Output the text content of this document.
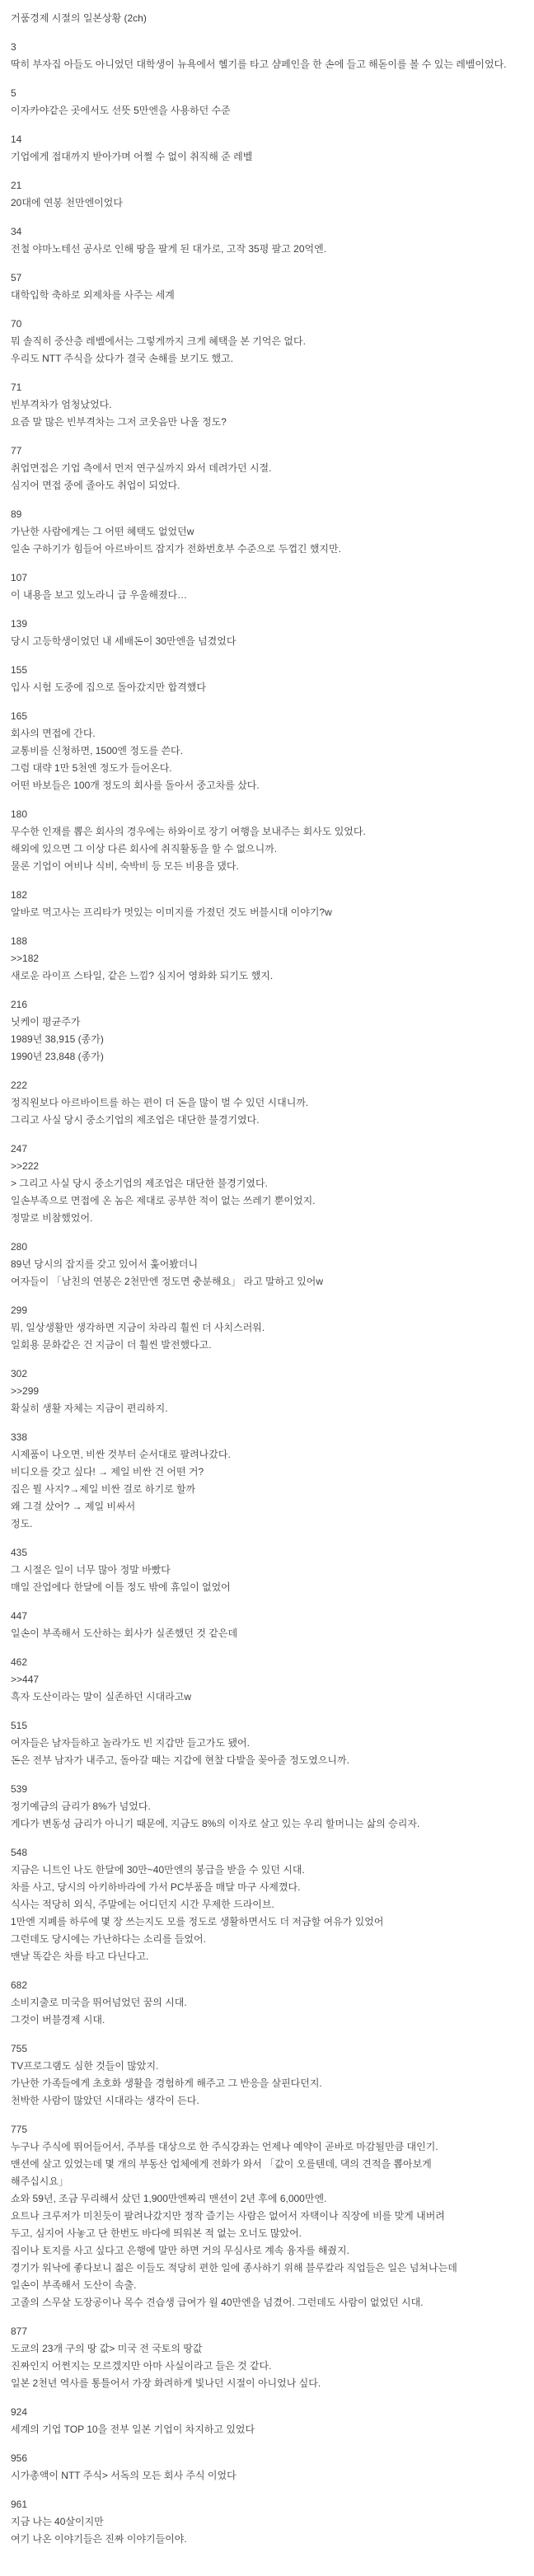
거품경제 시절의 일본상황 (2ch)
3
딱히 부자집 아들도 아니었던 대학생이 뉴욕에서 헬기를 타고 샴페인을 한 손에 들고 해돋이를 볼 수 있는 레벨이었다.
5
이자카야같은 곳에서도 선뜻 5만엔을 사용하던 수준
14
기업에게 접대까지 받아가며 어쩔 수 없이 취직해 준 레벨
21
20대에 연봉 천만엔이었다
34
전철 야마노테선 공사로 인해 땅을 팔게 된 대가로, 고작 35평 팔고 20억엔.
57
대학입학 축하로 외제차를 사주는 세계
70
뭐 솔직히 중산층 레벨에서는 그렇게까지 크게 혜택을 본 기억은 없다.
우리도 NTT 주식을 샀다가 결국 손해를 보기도 했고.
71
빈부격차가 엄청났었다.
요즘 말 많은 빈부격차는 그저 코웃음만 나올 정도?
77
취업면접은 기업 측에서 먼저 연구실까지 와서 데려가던 시절.
심지어 면접 중에 졸아도 취업이 되었다.
89
가난한 사람에게는 그 어떤 혜택도 없었던w
일손 구하기가 힘들어 아르바이트 잡지가 전화번호부 수준으로 두껍긴 했지만.
107
이 내용을 보고 있노라니 급 우울해졌다…
139
당시 고등학생이었던 내 세배돈이 30만엔을 넘겼었다
155
입사 시험 도중에 집으로 돌아갔지만 합격했다
165
회사의 면접에 간다.
교통비를 신청하면, 1500엔 정도를 쓴다.
그럼 대략 1만 5천엔 정도가 들어온다.
어떤 바보들은 100개 정도의 회사를 돌아서 중고차를 샀다.
180
무수한 인재를 뽑은 회사의 경우에는 하와이로 장기 여행을 보내주는 회사도 있었다.
해외에 있으면 그 이상 다른 회사에 취직활동을 할 수 없으니까.
물론 기업이 여비나 식비, 숙박비 등 모든 비용을 댔다.
182
알바로 먹고사는 프리타가 멋있는 이미지를 가졌던 것도 버블시대 이야기?w
188
>>182
새로운 라이프 스타일, 같은 느낌? 심지어 영화화 되기도 했지.
216
닛케이 평균주가
1989년 38,915 (종가)
1990년 23,848 (종가)
222
정직원보다 아르바이트를 하는 편이 더 돈을 많이 벌 수 있던 시대니까.
그리고 사실 당시 중소기업의 제조업은 대단한 불경기였다.
247
>>222
> 그리고 사실 당시 중소기업의 제조업은 대단한 불경기였다.
일손부족으로 면접에 온 놈은 제대로 공부한 적이 없는 쓰레기 뿐이었지.
정말로 비참했었어.
280
89년 당시의 잡지를 갖고 있어서 훑어봤더니
여자들이 「남친의 연봉은 2천만엔 정도면 충분해요」 라고 말하고 있어w
299
뭐, 일상생활만 생각하면 지금이 차라리 훨씬 더 사치스러워.
일회용 문화같은 건 지금이 더 훨씬 발전했다고.
302
>>299
확실히 생활 자체는 지금이 편리하지.
338
시제품이 나오면, 비싼 것부터 순서대로 팔려나갔다.
비디오를 갖고 싶다! → 제일 비싼 건 어떤 거?
집은 뭘 사지?→제일 비싼 걸로 하기로 할까
왜 그걸 샀어? → 제일 비싸서
정도.
435
그 시절은 일이 너무 많아 정말 바빴다
매일 잔업에다 한달에 이틀 정도 밖에 휴일이 없었어
447
일손이 부족해서 도산하는 회사가 실존했던 것 같은데
462
>>447
흑자 도산이라는 말이 실존하던 시대라고w
515
여자들은 남자들하고 놀라가도 빈 지갑만 들고가도 됐어.
돈은 전부 남자가 내주고, 돌아갈 때는 지갑에 현찰 다발을 꽂아줄 정도였으니까.
539
정기예금의 금리가 8%가 넘었다.
게다가 변동성 금리가 아니기 때문에, 지금도 8%의 이자로 살고 있는 우리 할머니는 삶의 승리자.
548
지금은 니트인 나도 한달에 30만~40만엔의 봉급을 받을 수 있던 시대.
차를 사고, 당시의 아키하바라에 가서 PC부품을 매달 마구 사제꼈다.
식사는 적당히 외식, 주말에는 어디던지 시간 무제한 드라이브.
1만엔 지폐를 하루에 몇 장 쓰는지도 모를 정도로 생활하면서도 더 저금할 여유가 있었어
그런데도 당시에는 가난하다는 소리를 들었어.
맨날 똑같은 차를 타고 다닌다고.
682
소비지출로 미국을 뛰어넘었던 꿈의 시대.
그것이 버블경제 시대.
755
TV프로그램도 심한 것들이 많았지.
가난한 가족들에게 초호화 생활을 경험하게 해주고 그 반응을 살핀다던지.
천박한 사람이 많았던 시대라는 생각이 든다.
775
누구나 주식에 뛰어들어서, 주부를 대상으로 한 주식강좌는 언제나 예약이 곧바로 마감될만큼 대인기.
맨션에 살고 있었는데 몇 개의 부동산 업체에게 전화가 와서 「값이 오를텐데, 댁의 견적을 뽑아보게
해주십시요」
쇼와 59년, 조금 무리해서 샀던 1,900만엔짜리 맨션이 2년 후에 6,000만엔.
요트나 크루저가 미친듯이 팔려나갔지만 정작 즐기는 사람은 없어서 자택이나 직장에 비를 맞게 내버려
두고, 심지어 사놓고 단 한번도 바다에 띄워본 적 없는 오너도 많았어.
집이나 토지를 사고 싶다고 은행에 말만 하면 거의 무심사로 계속 융자를 해줬지.
경기가 워낙에 좋다보니 젊은 이들도 적당히 편한 일에 종사하기 위해 블루칼라 직업들은 일은 넘쳐나는데
일손이 부족해서 도산이 속출.
고졸의 스무살 도장공이나 목수 견습생 급여가 월 40만엔을 넘겼어. 그런데도 사람이 없었던 시대.
877
도쿄의 23개 구의 땅 값> 미국 전 국토의 땅값
진짜인지 어쩐지는 모르겠지만 아마 사실이라고 들은 것 같다.
일본 2천년 역사를 통틀어서 가장 화려하게 빛나던 시절이 아니었나 싶다.
924
세계의 기업 TOP 10을 전부 일본 기업이 차지하고 있었다
956
시가총액이 NTT 주식> 서독의 모든 회사 주식 이었다
961
지금 나는 40살이지만
여기 나온 이야기들은 진짜 이야기들이야.
